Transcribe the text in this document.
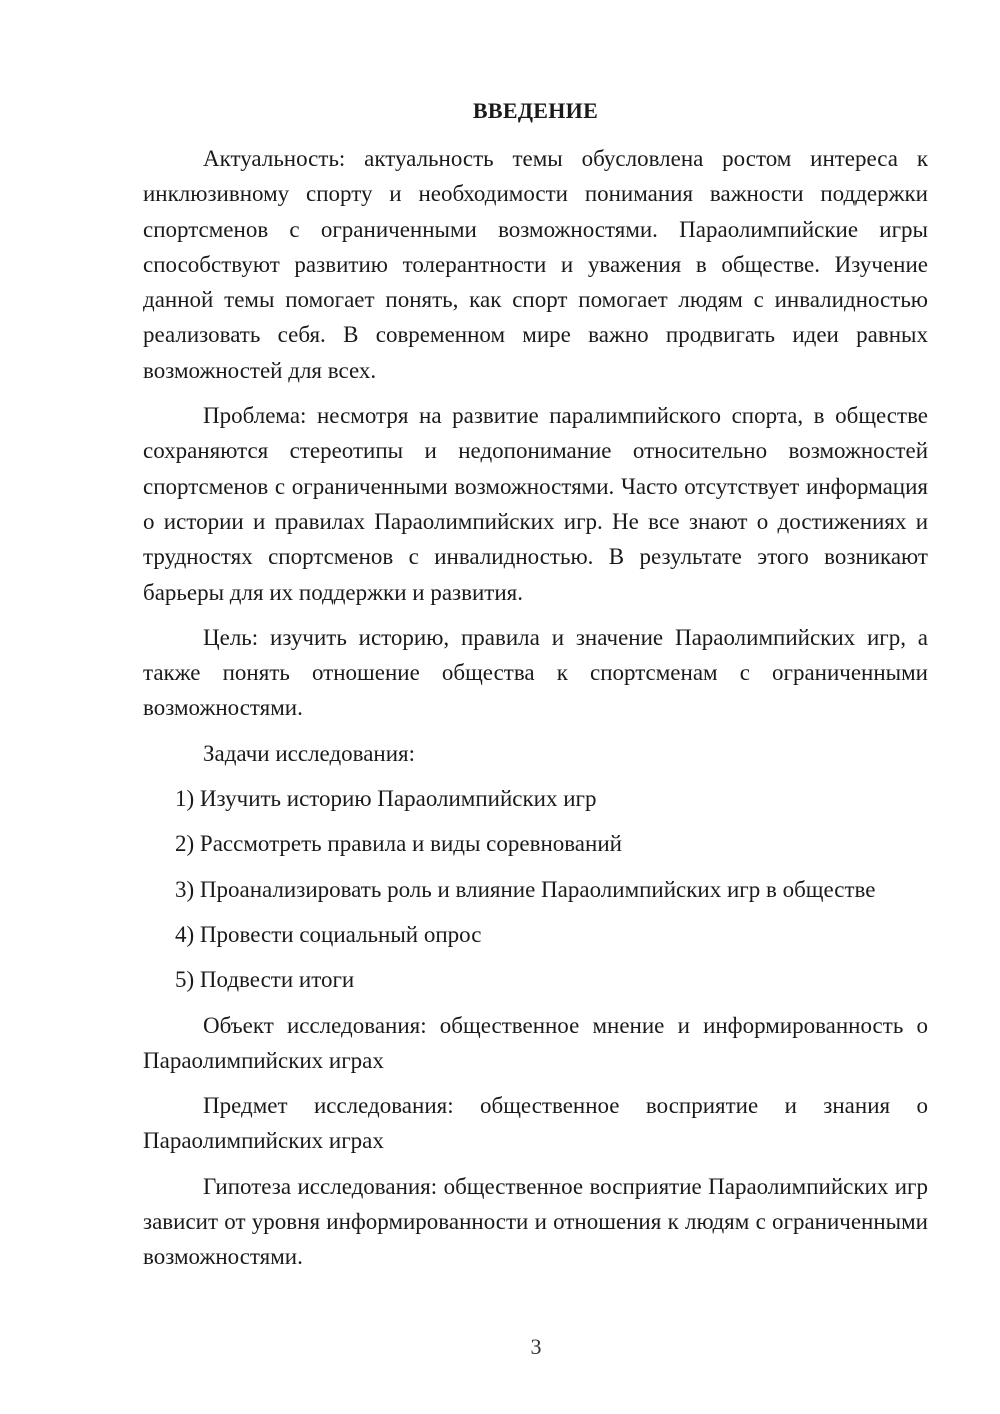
ВВЕДЕНИЕ

Актуальность: актуальность темы обусловлена ростом интереса к инклюзивному спорту и необходимости понимания важности поддержки спортсменов с ограниченными возможностями. Параолимпийские игры способствуют развитию толерантности и уважения в обществе. Изучение данной темы помогает понять, как спорт помогает людям с инвалидностью реализовать себя. В современном мире важно продвигать идеи равных возможностей для всех.

Проблема: несмотря на развитие паралимпийского спорта, в обществе сохраняются стереотипы и недопонимание относительно возможностей спортсменов с ограниченными возможностями. Часто отсутствует информация о истории и правилах Параолимпийских игр. Не все знают о достижениях и трудностях спортсменов с инвалидностью. В результате этого возникают барьеры для их поддержки и развития.

Цель: изучить историю, правила и значение Параолимпийских игр, а также понять отношение общества к спортсменам с ограниченными возможностями.

Задачи исследования:

1) Изучить историю Параолимпийских игр

2) Рассмотреть правила и виды соревнований

3) Проанализировать роль и влияние Параолимпийских игр в обществе

4) Провести социальный опрос

5) Подвести итоги

Объект исследования: общественное мнение и информированность о Параолимпийских играх

Предмет исследования: общественное восприятие и знания о Параолимпийских играх

Гипотеза исследования: общественное восприятие Параолимпийских игр зависит от уровня информированности и отношения к людям с ограниченными возможностями.

3
